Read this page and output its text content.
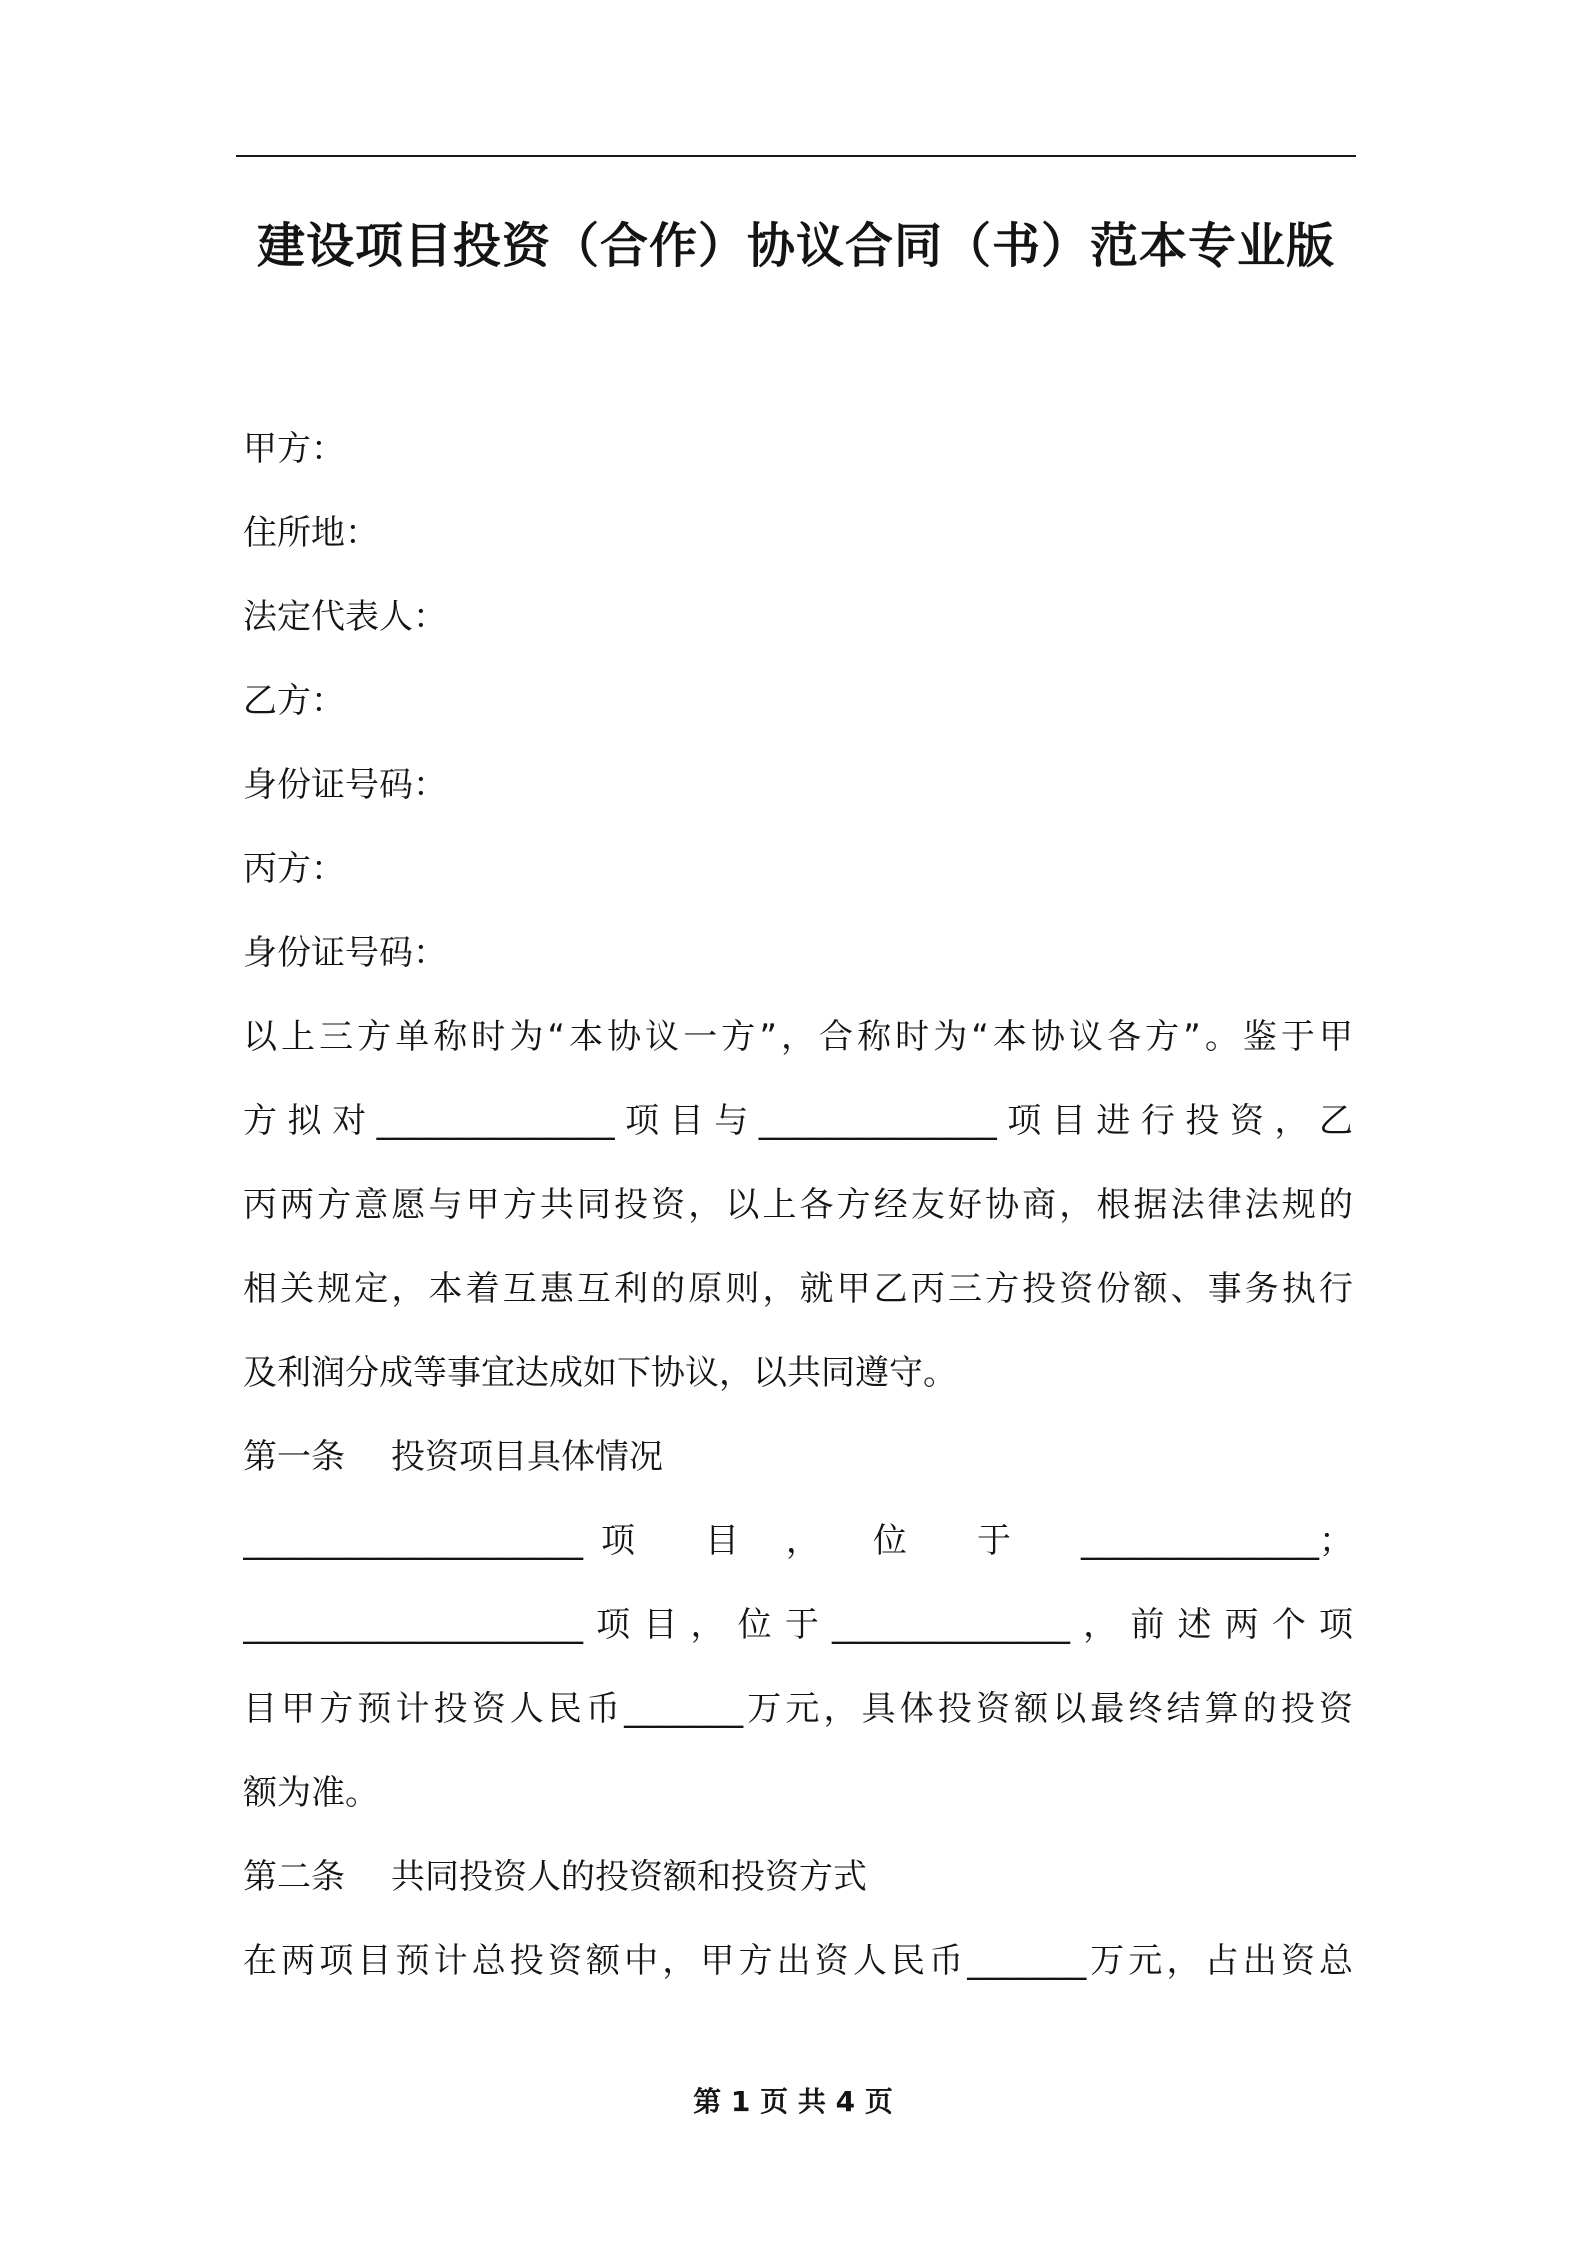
建设项目投资（合作）协议合同（书）范本专业版
甲方：
住所地：
法定代表人：
乙方：
身份证号码：
丙方：
身份证号码：
以上三方单称时为“本协议一方”，合称时为“本协议各方”。鉴于甲
方拟对______________项目与______________项目进行投资，乙
丙两方意愿与甲方共同投资，以上各方经友好协商，根据法律法规的
相关规定，本着互惠互利的原则，就甲乙丙三方投资份额、事务执行
及利润分成等事宜达成如下协议，以共同遵守。
第一条 投资项目具体情况
____________________项　目 ，　位　于　______________；
____________________项目，位于______________，前述两个项
目甲方预计投资人民币_______万元，具体投资额以最终结算的投资
额为准。
第二条 共同投资人的投资额和投资方式
在两项目预计总投资额中，甲方出资人民币_______万元，占出资总
第 1 页 共 4 页
